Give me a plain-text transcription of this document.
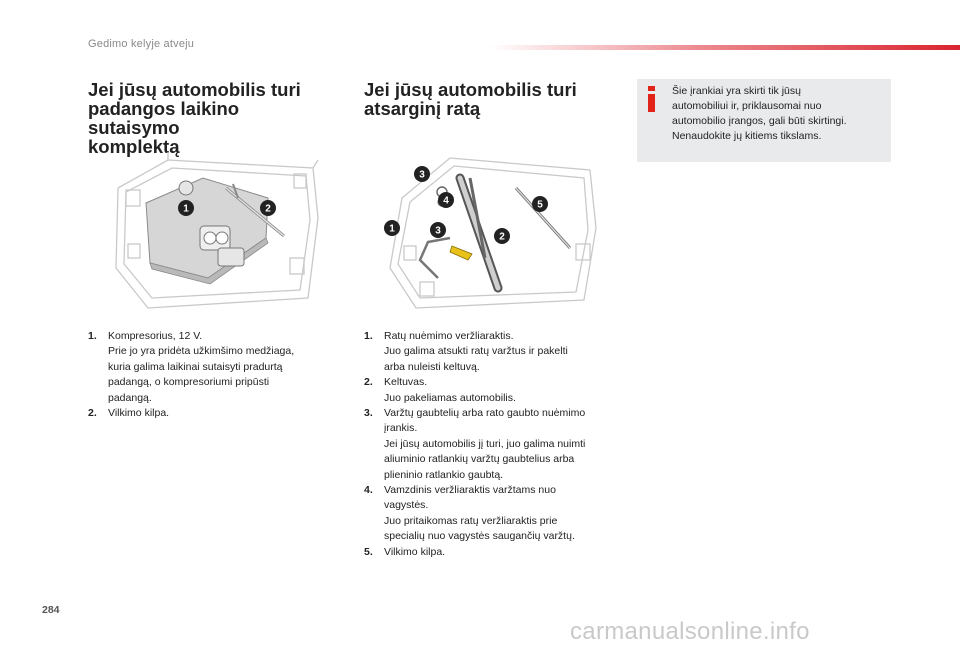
Gedimo kelyje atveju
Jei jūsų automobilis turi
padangos laikino sutaisymo
komplektą
1	2
1. Kompresorius, 12 V.
Prie jo yra pridėta užkimšimo medžiaga,
kuria galima laikinai sutaisyti pradurtą
padangą, o kompresoriumi pripūsti
padangą.
2. Vilkimo kilpa.
Jei jūsų automobilis turi
atsarginį ratą
3
4
1	3
2
5
1. Ratų nuėmimo veržliaraktis.
Juo galima atsukti ratų varžtus ir pakelti
arba nuleisti keltuvą.
2. Keltuvas.
Juo pakeliamas automobilis.
3. Varžtų gaubtelių arba rato gaubto nuėmimo
įrankis.
Jei jūsų automobilis jį turi, juo galima nuimti
aliuminio ratlankių varžtų gaubtelius arba
plieninio ratlankio gaubtą.
4. Vamzdinis veržliaraktis varžtams nuo
vagystės.
Juo pritaikomas ratų veržliaraktis prie
specialių nuo vagystės saugančių varžtų.
5. Vilkimo kilpa.
Šie įrankiai yra skirti tik jūsų
automobiliui ir, priklausomai nuo
automobilio įrangos, gali būti skirtingi.
Nenaudokite jų kitiems tikslams.
284
carmanualsonline.info
